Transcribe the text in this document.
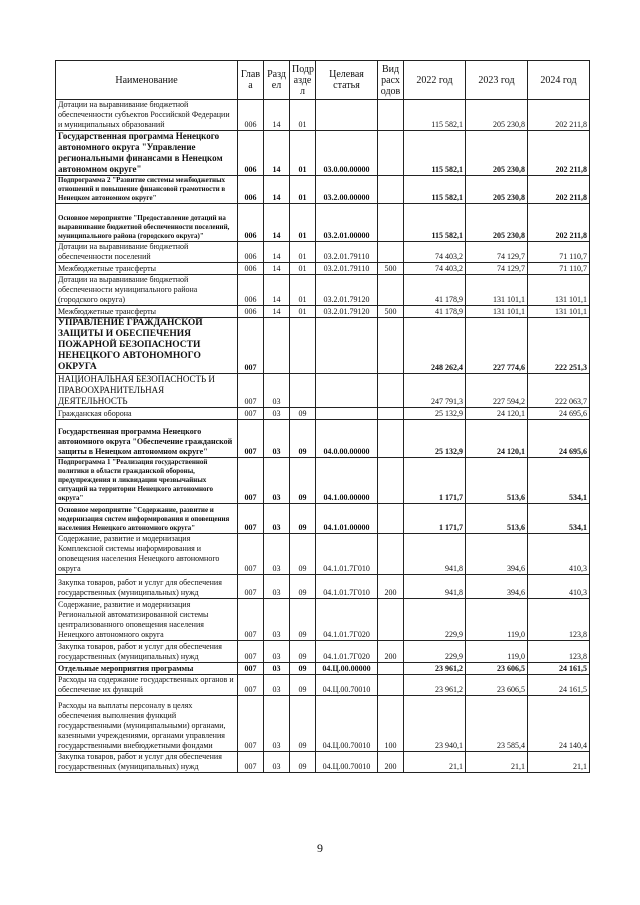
Наименование	Глав а	Разд ел	Подр азде л	Целевая статья	Вид расх одов	2022 год	2023 год	2024 год
Дотации на выравнивание бюджетной обеспеченности субъектов Российской Федерации и муниципальных образований	006	14	01			115 582,1	205 230,8	202 211,8
Государственная программа Ненецкого автономного округа "Управление региональными финансами в Ненецком автономном округе"	006	14	01	03.0.00.00000		115 582,1	205 230,8	202 211,8
Подпрограмма 2 "Развитие системы межбюджетных отношений и повышение финансовой грамотности в Ненецком автономном округе"	006	14	01	03.2.00.00000		115 582,1	205 230,8	202 211,8
Основное мероприятие "Предоставление дотаций на выравнивание бюджетной обеспеченности поселений, муниципального района (городского округа)"	006	14	01	03.2.01.00000		115 582,1	205 230,8	202 211,8
Дотации на выравнивание бюджетной обеспеченности поселений	006	14	01	03.2.01.79110		74 403,2	74 129,7	71 110,7
Межбюджетные трансферты	006	14	01	03.2.01.79110	500	74 403,2	74 129,7	71 110,7
Дотации на выравнивание бюджетной обеспеченности муниципального района (городского округа)	006	14	01	03.2.01.79120		41 178,9	131 101,1	131 101,1
Межбюджетные трансферты	006	14	01	03.2.01.79120	500	41 178,9	131 101,1	131 101,1
УПРАВЛЕНИЕ ГРАЖДАНСКОЙ ЗАЩИТЫ И ОБЕСПЕЧЕНИЯ ПОЖАРНОЙ БЕЗОПАСНОСТИ НЕНЕЦКОГО АВТОНОМНОГО ОКРУГА	007					248 262,4	227 774,6	222 251,3
НАЦИОНАЛЬНАЯ БЕЗОПАСНОСТЬ И ПРАВООХРАНИТЕЛЬНАЯ ДЕЯТЕЛЬНОСТЬ	007	03				247 791,3	227 594,2	222 063,7
Гражданская оборона	007	03	09			25 132,9	24 120,1	24 695,6
Государственная программа Ненецкого автономного округа "Обеспечение гражданской защиты в Ненецком автономном округе"	007	03	09	04.0.00.00000		25 132,9	24 120,1	24 695,6
Подпрограмма 1 "Реализация государственной политики в области гражданской обороны, предупреждения и ликвидации чрезвычайных ситуаций на территории Ненецкого автономного округа"	007	03	09	04.1.00.00000		1 171,7	513,6	534,1
Основное мероприятие "Содержание, развитие и модернизация систем информирования и оповещения населения Ненецкого автономного округа"	007	03	09	04.1.01.00000		1 171,7	513,6	534,1
Содержание, развитие и модернизация Комплексной системы информирования и оповещения населения Ненецкого автономного округа	007	03	09	04.1.01.7Г010		941,8	394,6	410,3
Закупка товаров, работ и услуг для обеспечения государственных (муниципальных) нужд	007	03	09	04.1.01.7Г010	200	941,8	394,6	410,3
Содержание, развитие и модернизация Региональной автоматизированной системы централизованного оповещения населения Ненецкого автономного округа	007	03	09	04.1.01.7Г020		229,9	119,0	123,8
Закупка товаров, работ и услуг для обеспечения государственных (муниципальных) нужд	007	03	09	04.1.01.7Г020	200	229,9	119,0	123,8
Отдельные мероприятия программы	007	03	09	04.Ц.00.00000		23 961,2	23 606,5	24 161,5
Расходы на содержание государственных органов и обеспечение их функций	007	03	09	04.Ц.00.70010		23 961,2	23 606,5	24 161,5
Расходы на выплаты персоналу в целях обеспечения выполнения функций государственными (муниципальными) органами, казенными учреждениями, органами управления государственными внебюджетными фондами	007	03	09	04.Ц.00.70010	100	23 940,1	23 585,4	24 140,4
Закупка товаров, работ и услуг для обеспечения государственных (муниципальных) нужд	007	03	09	04.Ц.00.70010	200	21,1	21,1	21,1
9
